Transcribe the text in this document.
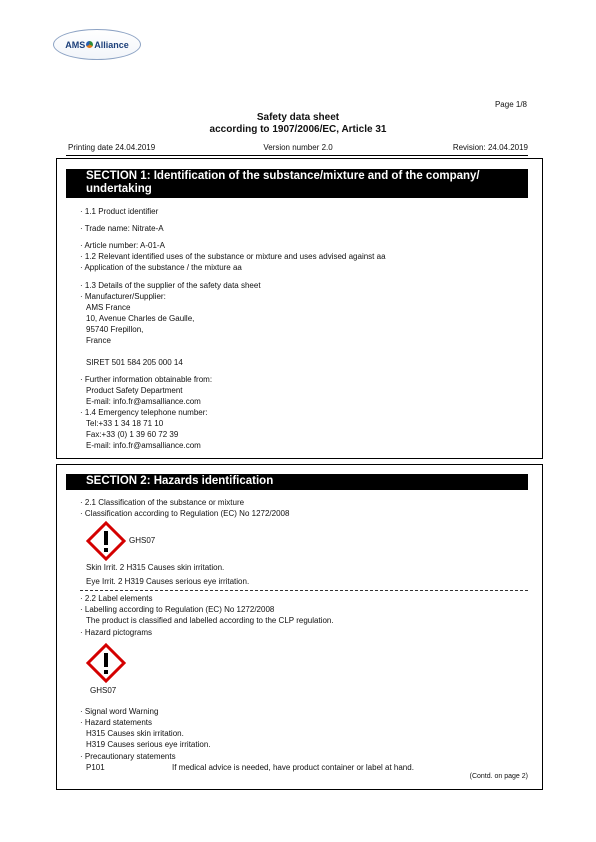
AMS Alliance
Page 1/8
Safety data sheet
according to 1907/2006/EC, Article 31
Printing date 24.04.2019	Version number 2.0	Revision: 24.04.2019
SECTION 1: Identification of the substance/mixture and of the company/
undertaking
· 1.1 Product identifier
· Trade name: Nitrate-A
· Article number: A-01-A
· 1.2 Relevant identified uses of the substance or mixture and uses advised against aa
· Application of the substance / the mixture aa
· 1.3 Details of the supplier of the safety data sheet
· Manufacturer/Supplier:
AMS France
10, Avenue Charles de Gaulle,
95740 Frepillon,
France
SIRET 501 584 205 000 14
· Further information obtainable from:
Product Safety Department
E-mail: info.fr@amsalliance.com
· 1.4 Emergency telephone number:
Tel:+33 1 34 18 71 10
Fax:+33 (0) 1 39 60 72 39
E-mail: info.fr@amsalliance.com
SECTION 2: Hazards identification
· 2.1 Classification of the substance or mixture
· Classification according to Regulation (EC) No 1272/2008
GHS07
Skin Irrit. 2 H315 Causes skin irritation.
Eye Irrit. 2 H319 Causes serious eye irritation.
· 2.2 Label elements
· Labelling according to Regulation (EC) No 1272/2008
The product is classified and labelled according to the CLP regulation.
· Hazard pictograms
GHS07
· Signal word Warning
· Hazard statements
H315 Causes skin irritation.
H319 Causes serious eye irritation.
· Precautionary statements
P101	If medical advice is needed, have product container or label at hand.
(Contd. on page 2)
